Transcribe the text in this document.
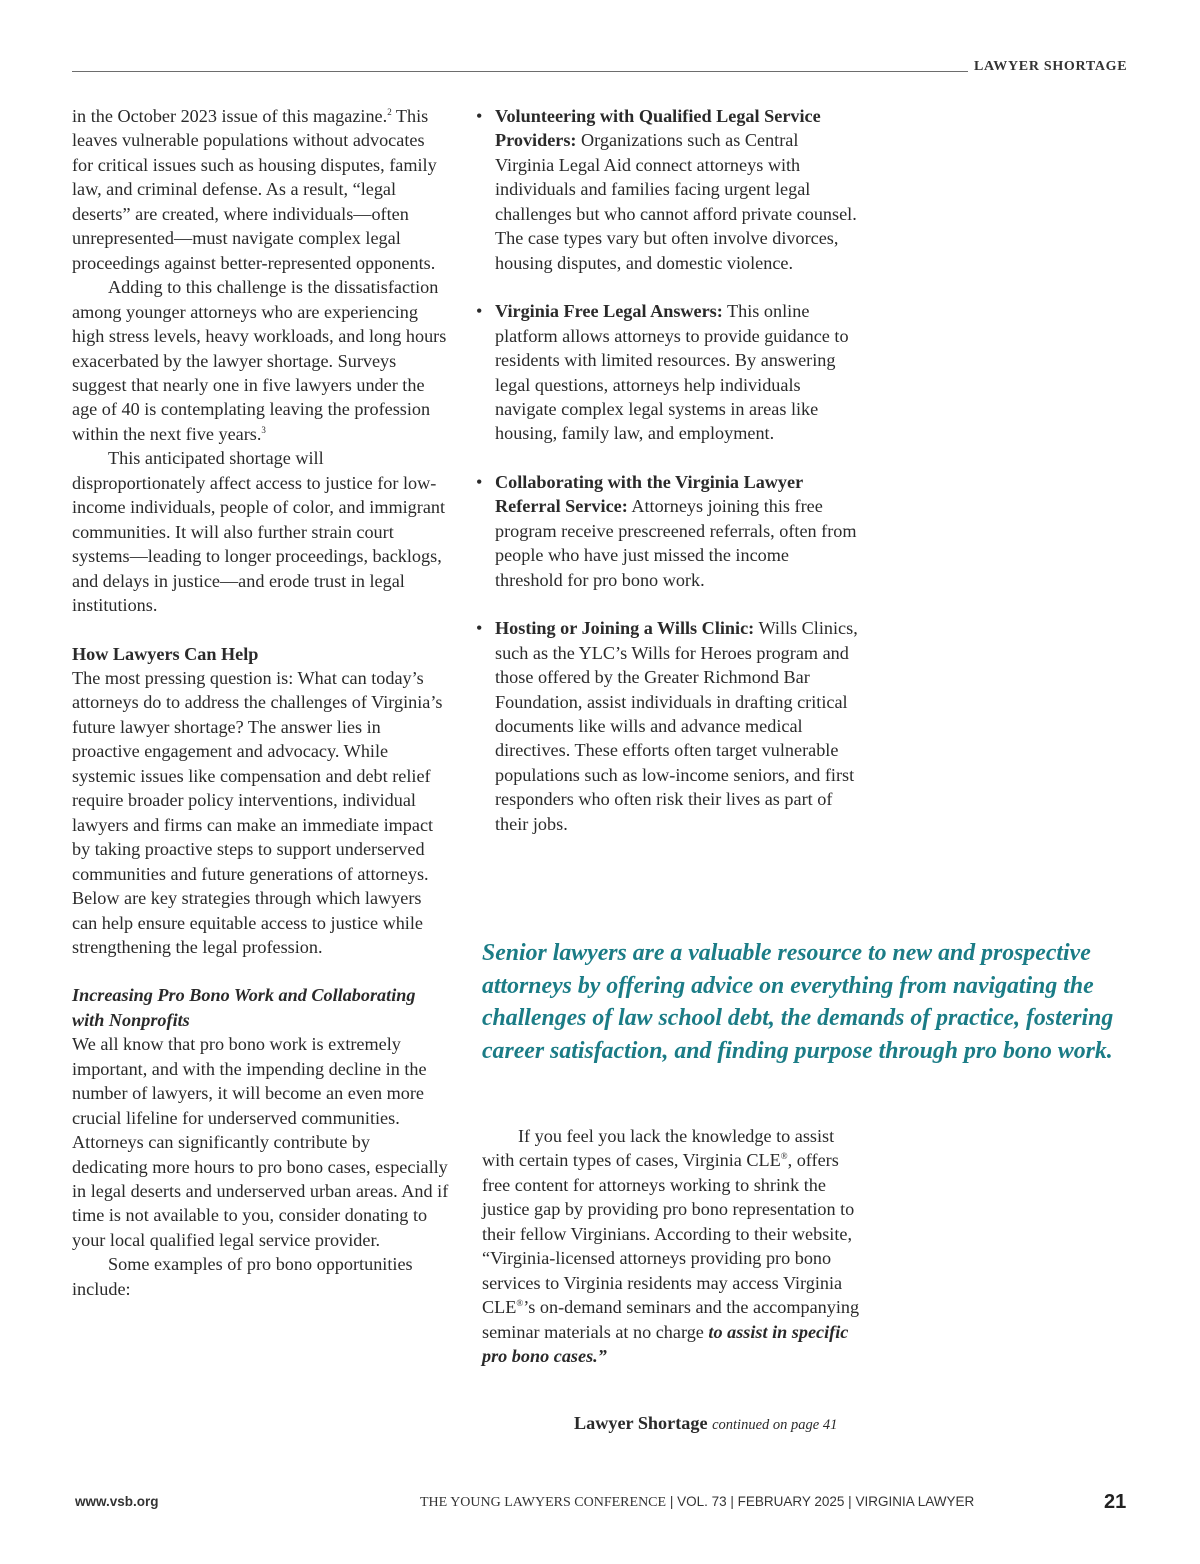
LAWYER SHORTAGE

in the October 2023 issue of this magazine.$^2$ This leaves vulnerable populations without advocates for critical issues such as housing disputes, family law, and criminal defense. As a result, “legal deserts” are created, where individuals—often unrepresented—must navigate complex legal proceedings against better-represented opponents.

Adding to this challenge is the dissatisfaction among younger attorneys who are experiencing high stress levels, heavy workloads, and long hours exacerbated by the lawyer shortage. Surveys suggest that nearly one in five lawyers under the age of 40 is contemplating leaving the profession within the next five years.$^3$

This anticipated shortage will disproportionately affect access to justice for low-income individuals, people of color, and immigrant communities. It will also further strain court systems—leading to longer proceedings, backlogs, and delays in justice—and erode trust in legal institutions.

How Lawyers Can Help

The most pressing question is: What can today’s attorneys do to address the challenges of Virginia’s future lawyer shortage? The answer lies in proactive engagement and advocacy. While systemic issues like compensation and debt relief require broader policy interventions, individual lawyers and firms can make an immediate impact by taking proactive steps to support underserved communities and future generations of attorneys. Below are key strategies through which lawyers can help ensure equitable access to justice while strengthening the legal profession.

Increasing Pro Bono Work and Collaborating with Nonprofits

We all know that pro bono work is extremely important, and with the impending decline in the number of lawyers, it will become an even more crucial lifeline for underserved communities. Attorneys can significantly contribute by dedicating more hours to pro bono cases, especially in legal deserts and underserved urban areas. And if time is not available to you, consider donating to your local qualified legal service provider.

Some examples of pro bono opportunities include:

• Volunteering with Qualified Legal Service Providers: Organizations such as Central Virginia Legal Aid connect attorneys with individuals and families facing urgent legal challenges but who cannot afford private counsel. The case types vary but often involve divorces, housing disputes, and domestic violence.
• Virginia Free Legal Answers: This online platform allows attorneys to provide guidance to residents with limited resources. By answering legal questions, attorneys help individuals navigate complex legal systems in areas like housing, family law, and employment.
• Collaborating with the Virginia Lawyer Referral Service: Attorneys joining this free program receive prescreened referrals, often from people who have just missed the income threshold for pro bono work.
• Hosting or Joining a Wills Clinic: Wills Clinics, such as the YLC’s Wills for Heroes program and those offered by the Greater Richmond Bar Foundation, assist individuals in drafting critical documents like wills and advance medical directives. These efforts often target vulnerable populations such as low-income seniors, and first responders who often risk their lives as part of their jobs.
Senior lawyers are a valuable resource to new and prospective attorneys by offering advice on everything from navigating the challenges of law school debt, the demands of practice, fostering career satisfaction, and finding purpose through pro bono work.

If you feel you lack the knowledge to assist with certain types of cases, Virginia CLE®, offers free content for attorneys working to shrink the justice gap by providing pro bono representation to their fellow Virginians. According to their website, “Virginia-licensed attorneys providing pro bono services to Virginia residents may access Virginia CLE®’s on-demand seminars and the accompanying seminar materials at no charge to assist in specific pro bono cases.”

Lawyer Shortage continued on page 41
www.vsb.org	THE YOUNG LAWYERS CONFERENCE | VOL. 73 | FEBRUARY 2025 | VIRGINIA LAWYER	21
